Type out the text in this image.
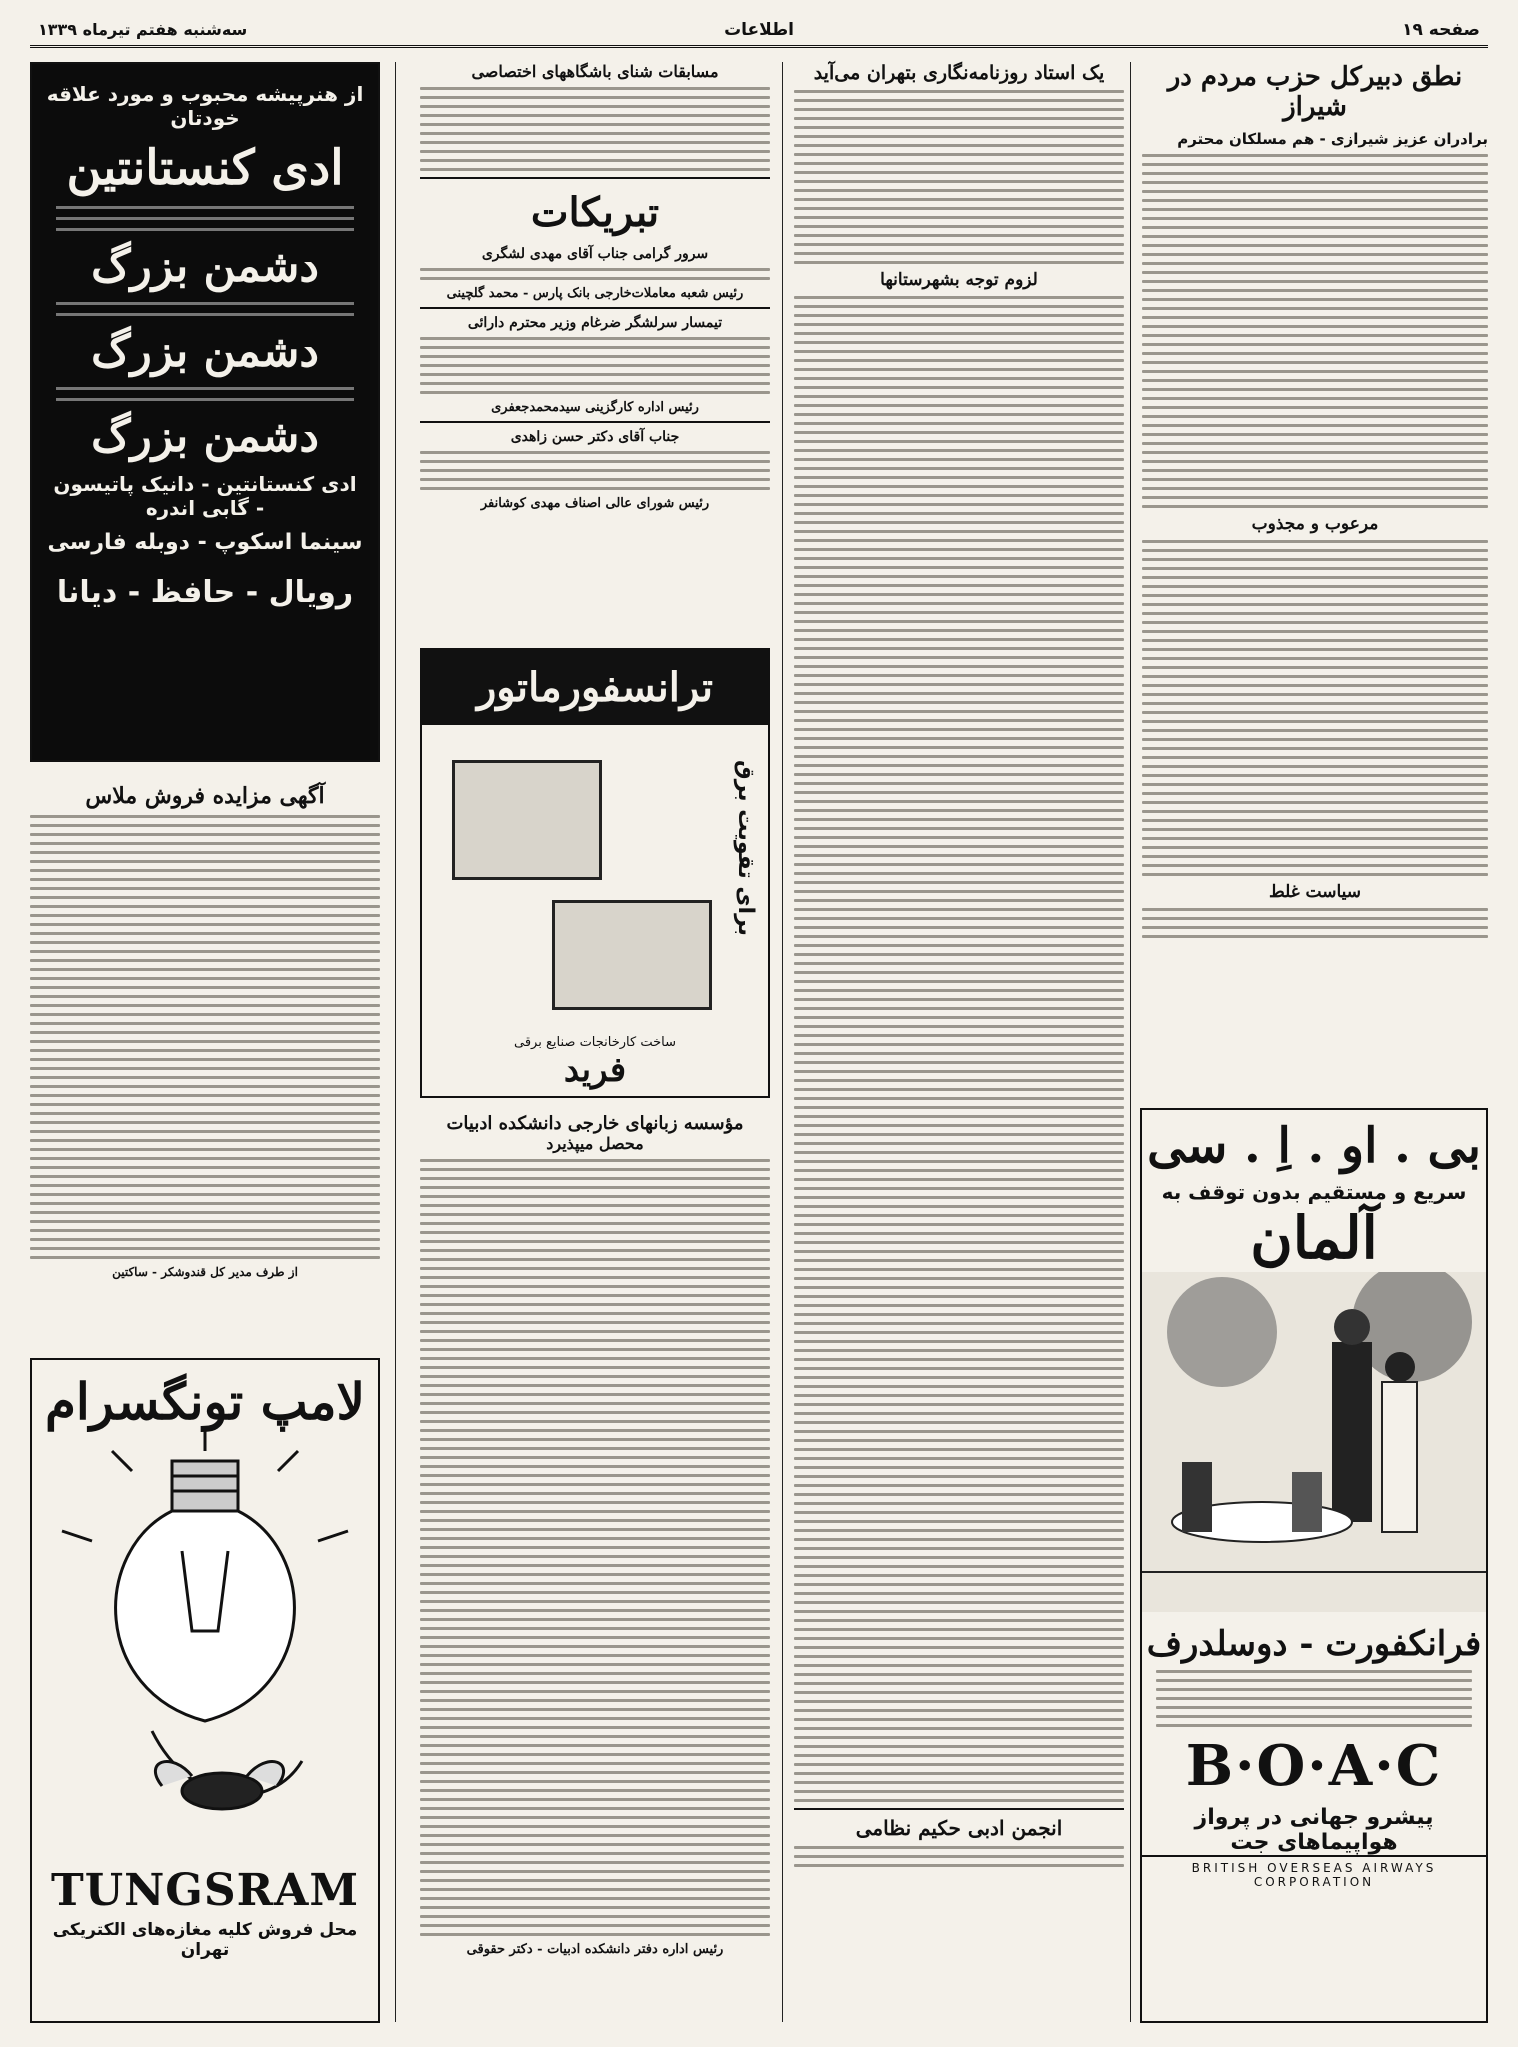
سه‌شنبه هفتم تیرماه ۱۳۳۹	اطلاعات	صفحه ۱۹
نطق دبیرکل حزب مردم در شیراز
برادران عزیز شیرازی - هم مسلکان محترم
مرعوب و مجذوب
سیاست غلط
بی . او . اِ . سی
سریع و مستقیم بدون توقف به
آلمان
فرانکفورت - دوسلدرف
B·O·A·C
پیشرو جهانی در پرواز هواپیماهای جت
BRITISH OVERSEAS AIRWAYS CORPORATION
یک استاد روزنامه‌نگاری بتهران می‌آید
لزوم توجه بشهرستانها
انجمن ادبی حکیم نظامی
مسابقات شنای باشگاههای اختصاصی
تبریکات
سرور گرامی جناب آقای مهدی لشگری
رئیس شعبه معاملات‌خارجی بانک پارس - محمد گلچینی
تیمسار سرلشگر ضرغام وزیر محترم دارائی
رئیس اداره کارگزینی سیدمحمدجعفری
جناب آقای دکتر حسن زاهدی
رئیس شورای عالی اصناف مهدی کوشانفر
ترانسفورماتور
برای تقویت برق
ساخت کارخانجات صنایع برقی
فرید
مؤسسه زبانهای خارجی دانشکده ادبیات
محصل میپذیرد
رئیس اداره دفتر دانشکده ادبیات - دکتر حقوقی
از هنرپیشه محبوب و مورد علاقه خودتان
ادی کنستانتین
دشمن بزرگ
دشمن بزرگ
دشمن بزرگ
ادی کنستانتین - دانیک پاتیسون - گابی اندره
سینما اسکوپ - دوبله فارسی
رویال - حافظ - دیانا
آگهی مزایده فروش ملاس
از طرف مدیر کل قندوشکر - ساکتین
لامپ تونگسرام
TUNGSRAM
محل فروش کلیه مغازه‌های الکتریکی تهران
